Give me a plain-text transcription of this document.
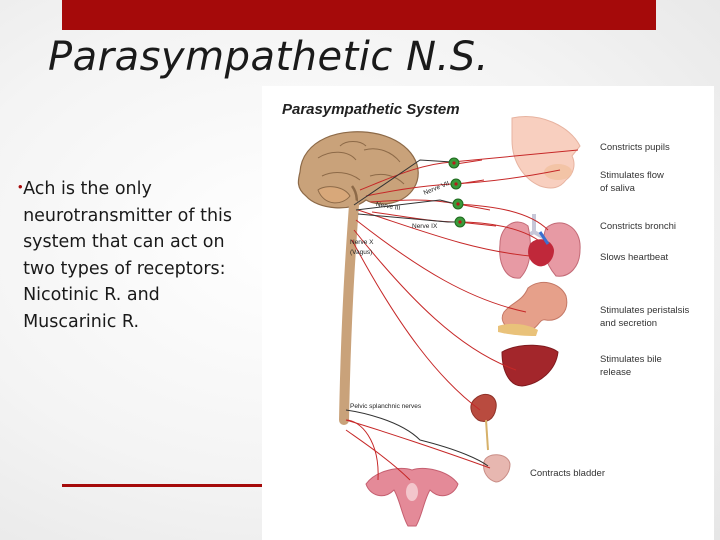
Parasympathetic N.S.
• Ach is the only neurotransmitter of this system that can act on two types of receptors: Nicotinic R. and Muscarinic R.
Parasympathetic System
Nerve VII
Nerve III
Nerve IX
Nerve X
(Vagus)
Pelvic splanchnic nerves
Constricts pupils
Stimulates flow
of saliva
Constricts bronchi
Slows heartbeat
Stimulates peristalsis
and secretion
Stimulates bile
release
Contracts bladder
